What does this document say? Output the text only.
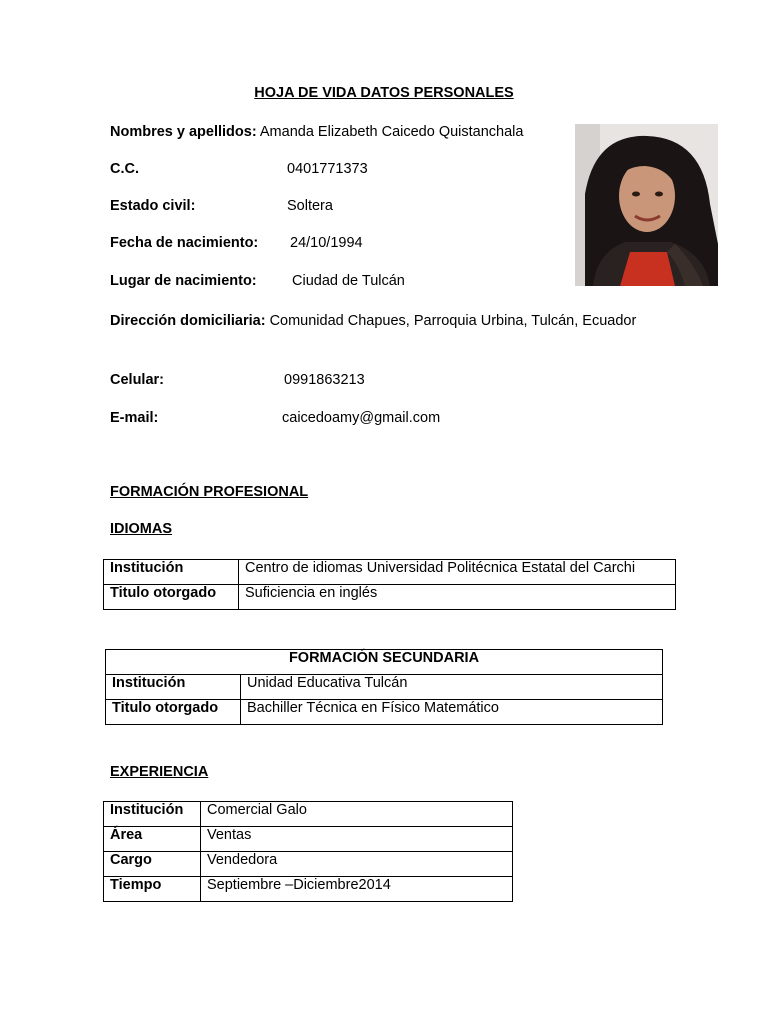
HOJA DE VIDA DATOS PERSONALES
Nombres y apellidos: Amanda Elizabeth Caicedo Quistanchala
C.C.	0401771373
Estado civil:	Soltera
Fecha de nacimiento: 24/10/1994
Lugar de nacimiento: Ciudad de Tulcán
Dirección domiciliaria: Comunidad Chapues, Parroquia Urbina, Tulcán, Ecuador
Celular:	0991863213
E-mail:	caicedoamy@gmail.com
FORMACIÓN PROFESIONAL
IDIOMAS
Institución	Centro de idiomas Universidad Politécnica Estatal del Carchi
Titulo otorgado	Suficiencia en inglés
FORMACIÓN SECUNDARIA	
Institución	Unidad Educativa Tulcán
Titulo otorgado	Bachiller Técnica en Físico Matemático
EXPERIENCIA
Institución	Comercial Galo
Área	Ventas
Cargo	Vendedora
Tiempo	Septiembre –Diciembre2014
